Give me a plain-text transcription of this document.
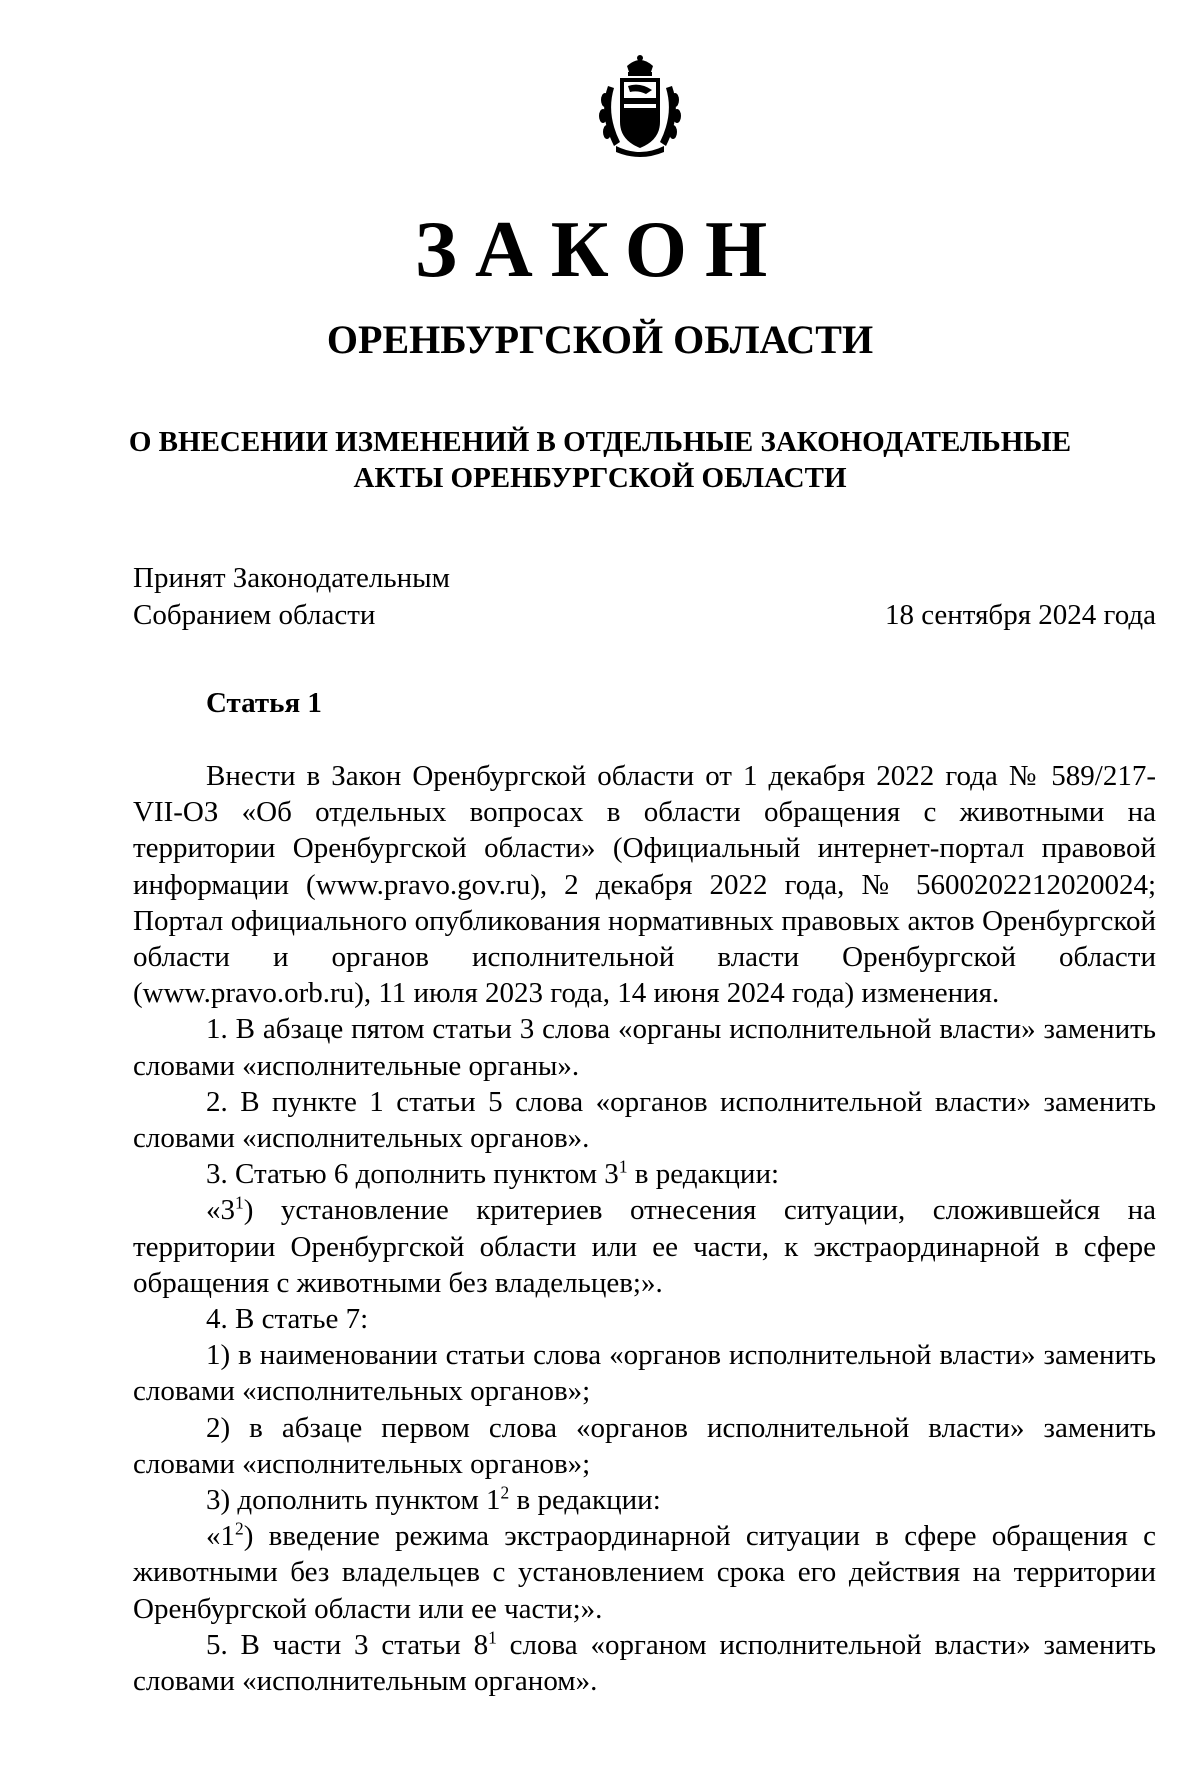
ЗАКОН
ОРЕНБУРГСКОЙ ОБЛАСТИ
О ВНЕСЕНИИ ИЗМЕНЕНИЙ В ОТДЕЛЬНЫЕ ЗАКОНОДАТЕЛЬНЫЕ
АКТЫ ОРЕНБУРГСКОЙ ОБЛАСТИ
Принят Законодательным
Собранием области	18 сентября 2024 года
Статья 1

Внести в Закон Оренбургской области от 1 декабря 2022 года № 589/217-VII-ОЗ «Об отдельных вопросах в области обращения с животными на территории Оренбургской области» (Официальный интернет-портал правовой информации (www.pravo.gov.ru), 2 декабря 2022 года, № 5600202212020024; Портал официального опубликования нормативных правовых актов Оренбургской области и органов исполнительной власти Оренбургской области (www.pravo.orb.ru), 11 июля 2023 года, 14 июня 2024 года) изменения.

1. В абзаце пятом статьи 3 слова «органы исполнительной власти» заменить словами «исполнительные органы».

2. В пункте 1 статьи 5 слова «органов исполнительной власти» заменить словами «исполнительных органов».

3. Статью 6 дополнить пунктом $3^1$ в редакции:

«$3^1$) установление критериев отнесения ситуации, сложившейся на территории Оренбургской области или ее части, к экстраординарной в сфере обращения с животными без владельцев;».

4. В статье 7:

1) в наименовании статьи слова «органов исполнительной власти» заменить словами «исполнительных органов»;

2) в абзаце первом слова «органов исполнительной власти» заменить словами «исполнительных органов»;

3) дополнить пунктом $1^2$ в редакции:

«$1^2$) введение режима экстраординарной ситуации в сфере обращения с животными без владельцев с установлением срока его действия на территории Оренбургской области или ее части;».

5. В части 3 статьи $8^1$ слова «органом исполнительной власти» заменить словами «исполнительным органом».
